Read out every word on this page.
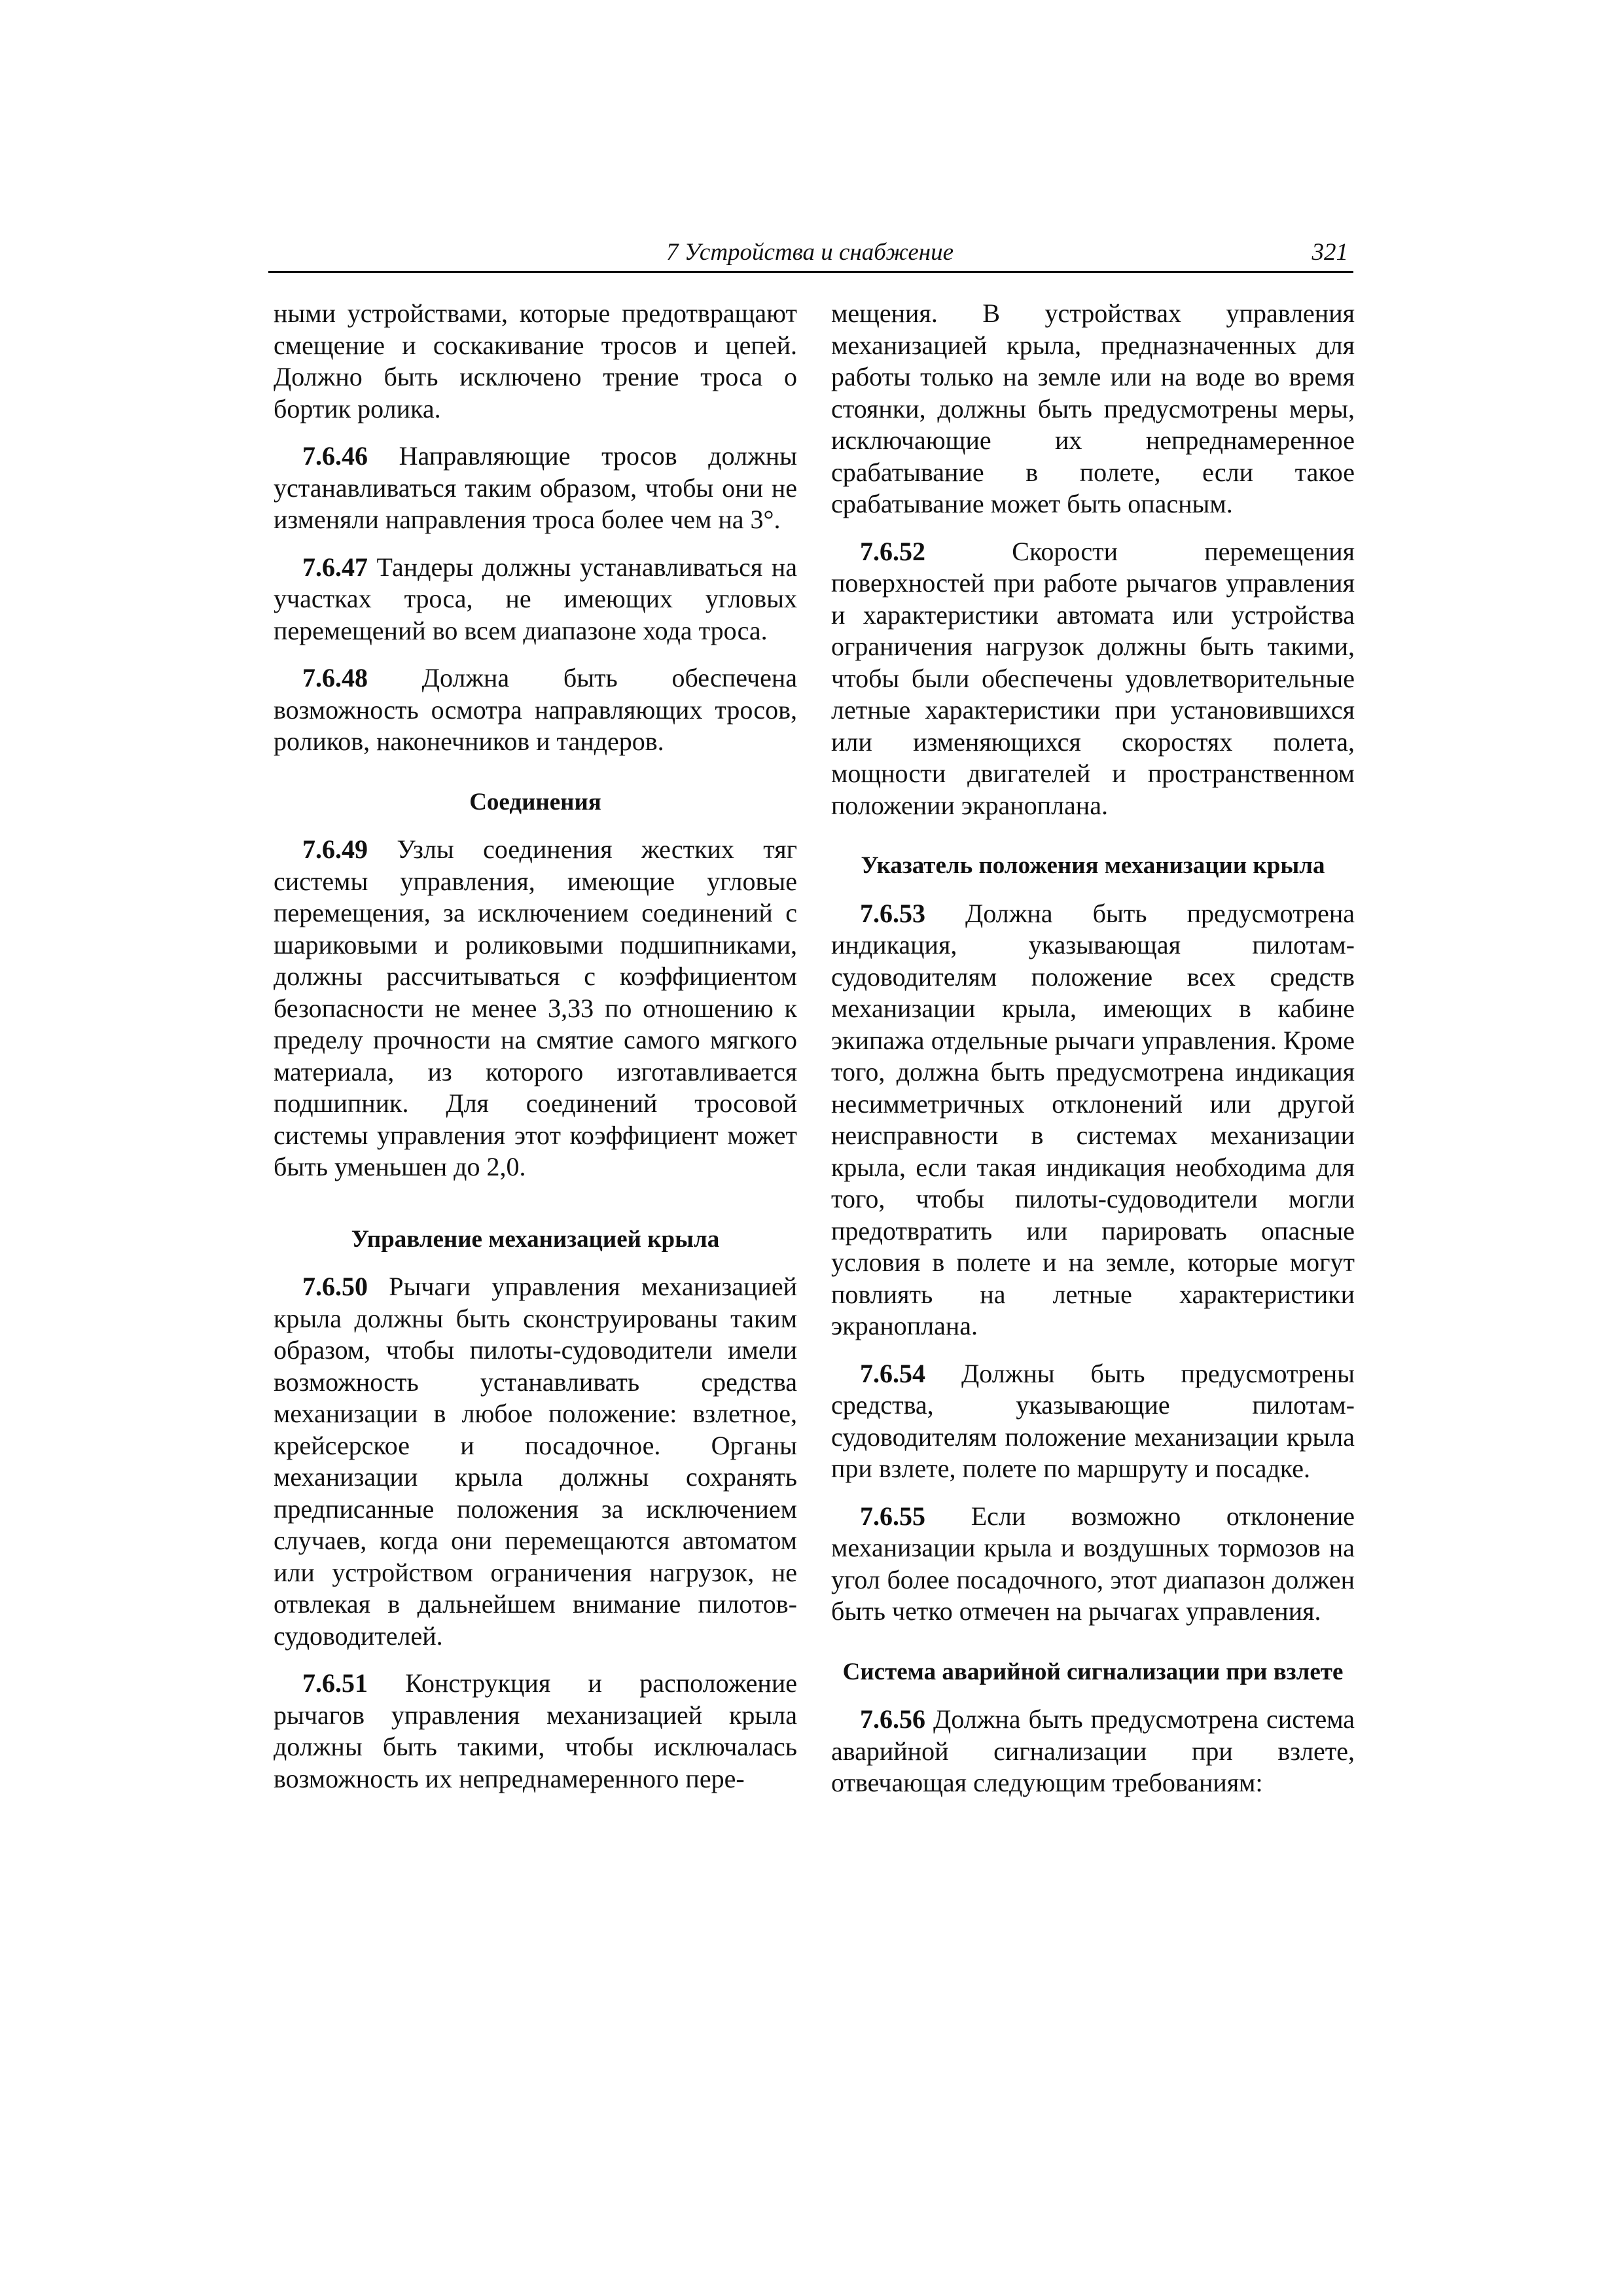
7 Устройства и снабжение	321

ными устройствами, которые предотвращают смещение и соскакивание тросов и цепей. Должно быть исключено трение троса о бортик ролика.

7.6.46 Направляющие тросов должны устанавливаться таким образом, чтобы они не изменяли направления троса более чем на 3°.

7.6.47 Тандеры должны устанавливаться на участках троса, не имеющих угловых перемещений во всем диапазоне хода троса.

7.6.48 Должна быть обеспечена возможность осмотра направляющих тросов, роликов, наконечников и тандеров.

Соединения

7.6.49 Узлы соединения жестких тяг системы управления, имеющие угловые перемещения, за исключением соединений с шариковыми и роликовыми подшипниками, должны рассчитываться с коэффициентом безопасности не менее 3,33 по отношению к пределу прочности на смятие самого мягкого материала, из которого изготавливается подшипник. Для соединений тросовой системы управления этот коэффициент может быть уменьшен до 2,0.

Управление механизацией крыла

7.6.50 Рычаги управления механизацией крыла должны быть сконструированы таким образом, чтобы пилоты-судоводители имели возможность устанавливать средства механизации в любое положение: взлетное, крейсерское и посадочное. Органы механизации крыла должны сохранять предписанные положения за исключением случаев, когда они перемещаются автоматом или устройством ограничения нагрузок, не отвлекая в дальнейшем внимание пилотов-судоводителей.

7.6.51 Конструкция и расположение рычагов управления механизацией крыла должны быть такими, чтобы исключалась возможность их непреднамеренного пере-

мещения. В устройствах управления механизацией крыла, предназначенных для работы только на земле или на воде во время стоянки, должны быть предусмотрены меры, исключающие их непреднамеренное срабатывание в полете, если такое срабатывание может быть опасным.

7.6.52 Скорости перемещения поверхностей при работе рычагов управления и характеристики автомата или устройства ограничения нагрузок должны быть такими, чтобы были обеспечены удовлетворительные летные характеристики при установившихся или изменяющихся скоростях полета, мощности двигателей и пространственном положении экраноплана.

Указатель положения механизации крыла

7.6.53 Должна быть предусмотрена индикация, указывающая пилотам-судоводителям положение всех средств механизации крыла, имеющих в кабине экипажа отдельные рычаги управления. Кроме того, должна быть предусмотрена индикация несимметричных отклонений или другой неисправности в системах механизации крыла, если такая индикация необходима для того, чтобы пилоты-судоводители могли предотвратить или парировать опасные условия в полете и на земле, которые могут повлиять на летные характеристики экраноплана.

7.6.54 Должны быть предусмотрены средства, указывающие пилотам-судоводителям положение механизации крыла при взлете, полете по маршруту и посадке.

7.6.55 Если возможно отклонение механизации крыла и воздушных тормозов на угол более посадочного, этот диапазон должен быть четко отмечен на рычагах управления.

Система аварийной сигнализации при взлете

7.6.56 Должна быть предусмотрена система аварийной сигнализации при взлете, отвечающая следующим требованиям:
